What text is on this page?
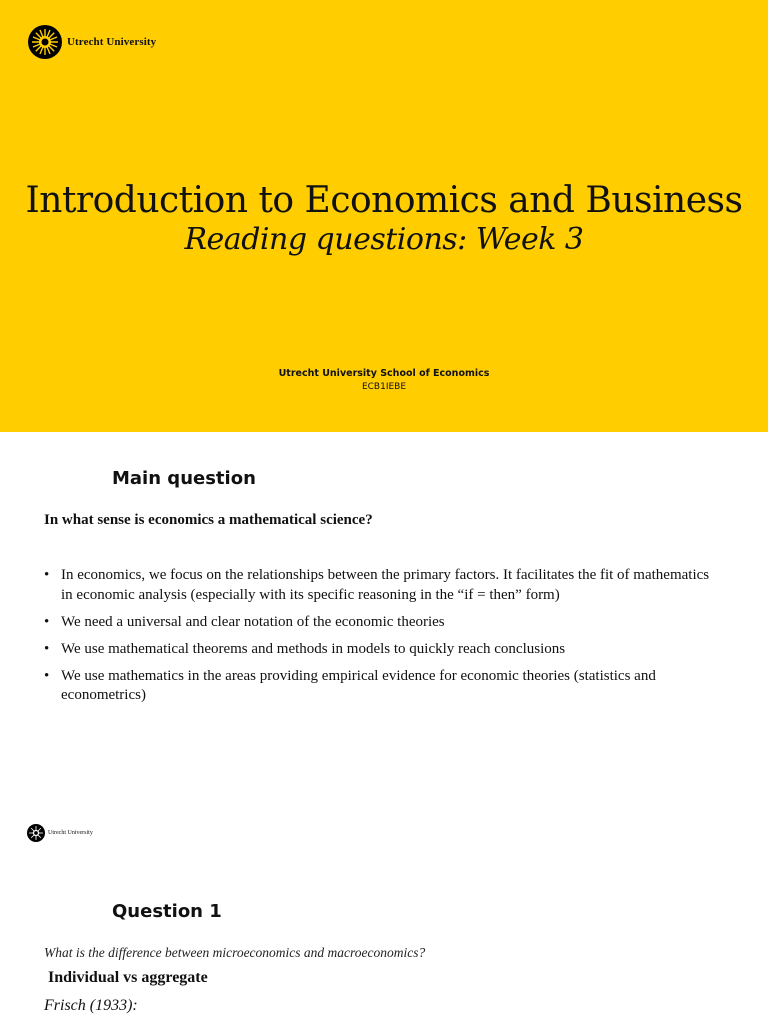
Utrecht University
Introduction to Economics and Business
Reading questions: Week 3
Utrecht University School of Economics
ECB1IEBE
Main question
In what sense is economics a mathematical science?
• In economics, we focus on the relationships between the primary factors. It facilitates the fit of mathematics in economic analysis (especially with its specific reasoning in the “if = then” form)
• We need a universal and clear notation of the economic theories
• We use mathematical theorems and methods in models to quickly reach conclusions
• We use mathematics in the areas providing empirical evidence for economic theories (statistics and econometrics)
Utrecht University
Question 1
What is the difference between microeconomics and macroeconomics?
Individual vs aggregate
Frisch (1933):
